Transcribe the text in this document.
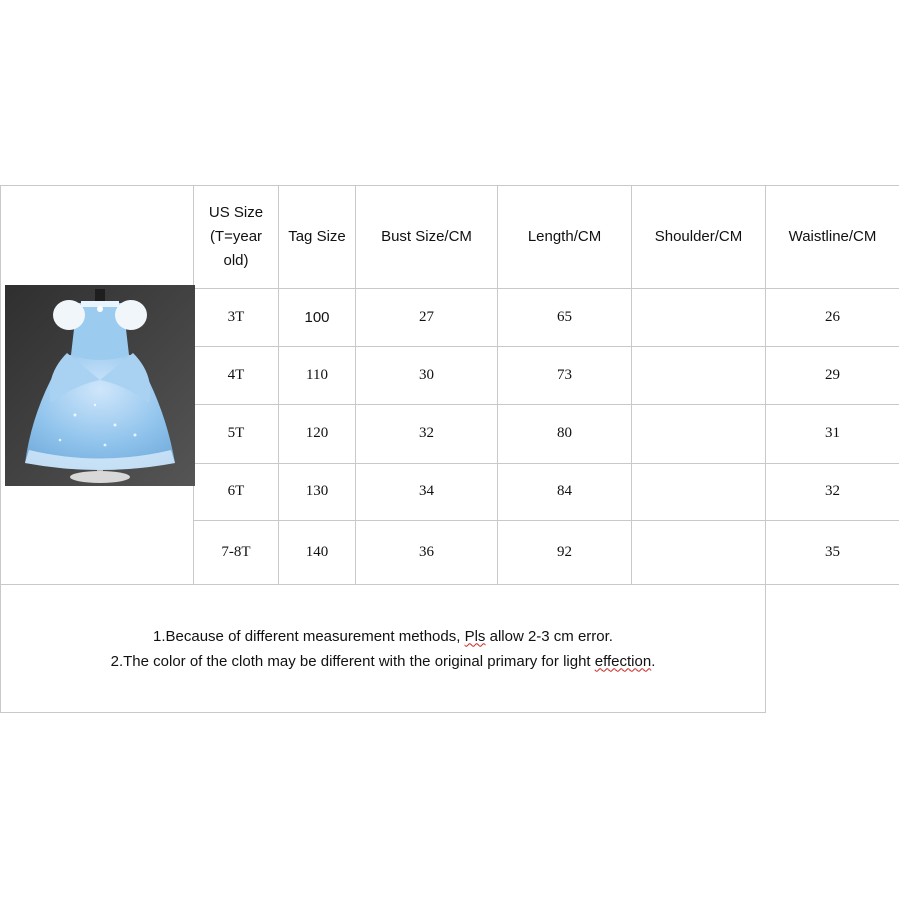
	US Size (T=year old)	Tag Size	Bust Size/CM	Length/CM	Shoulder/CM	Waistline/CM
	3T	100	27	65		26
	4T	110	30	73		29
	5T	120	32	80		31
	6T	130	34	84		32
	7-8T	140	36	92		35

1.Because of different measurement methods, Pls allow 2-3 cm error.
2.The color of the cloth may be different with the original primary for light effection.						
